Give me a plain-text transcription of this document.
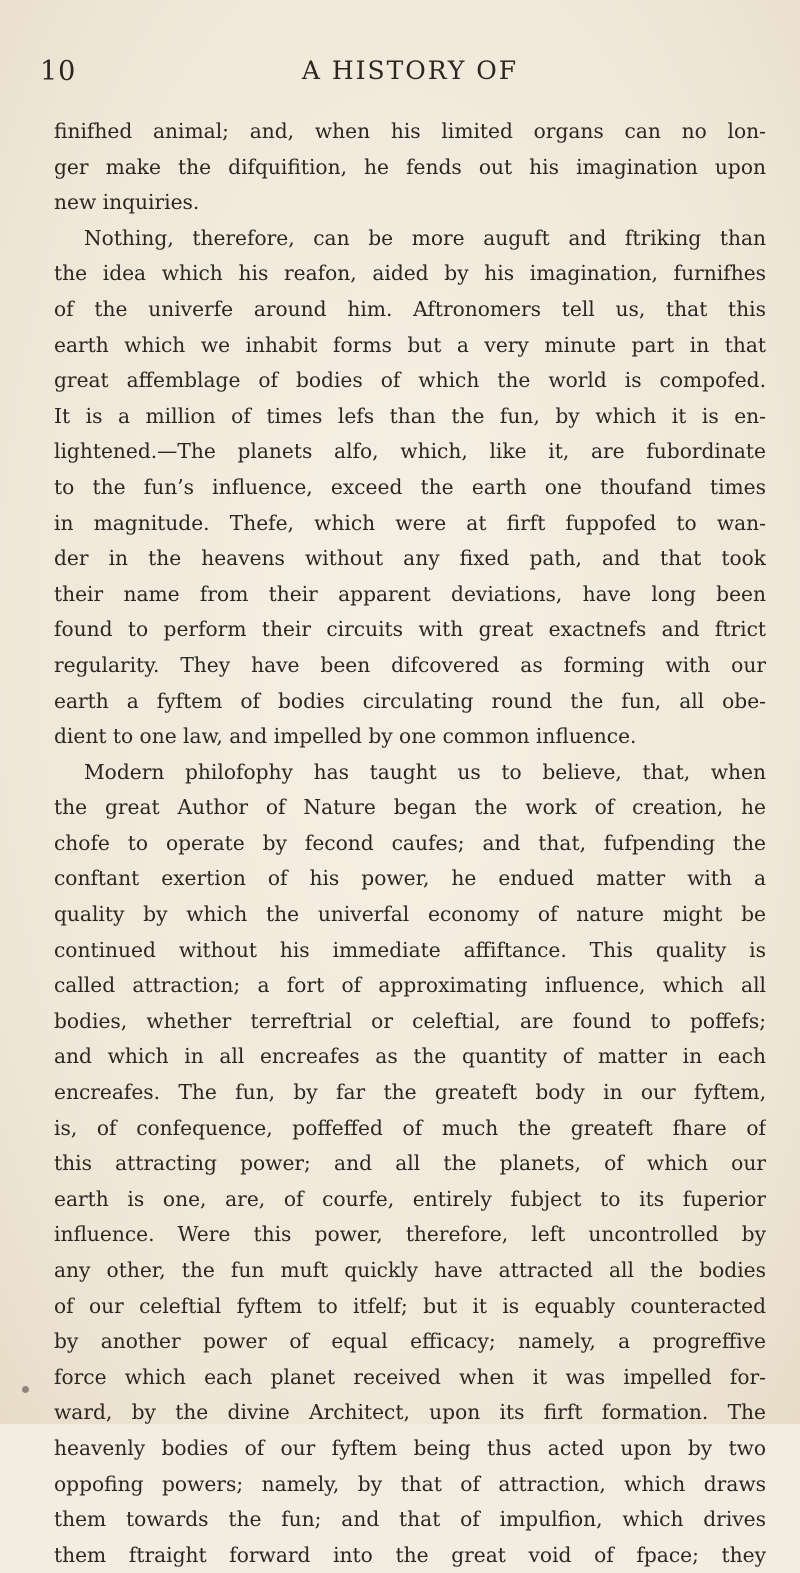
10	A HISTORY OF
finifhed animal; and, when his limited organs can no lon-
ger make the difquifition, he fends out his imagination upon
new inquiries.
Nothing, therefore, can be more auguft and ftriking than
the idea which his reafon, aided by his imagination, furnifhes
of the univerfe around him. Aftronomers tell us, that this
earth which we inhabit forms but a very minute part in that
great affemblage of bodies of which the world is compofed.
It is a million of times lefs than the fun, by which it is en-
lightened.—The planets alfo, which, like it, are fubordinate
to the fun’s influence, exceed the earth one thoufand times
in magnitude. Thefe, which were at firft fuppofed to wan-
der in the heavens without any fixed path, and that took
their name from their apparent deviations, have long been
found to perform their circuits with great exactnefs and ftrict
regularity. They have been difcovered as forming with our
earth a fyftem of bodies circulating round the fun, all obe-
dient to one law, and impelled by one common influence.
Modern philofophy has taught us to believe, that, when
the great Author of Nature began the work of creation, he
chofe to operate by fecond caufes; and that, fufpending the
conftant exertion of his power, he endued matter with a
quality by which the univerfal economy of nature might be
continued without his immediate affiftance. This quality is
called attraction; a fort of approximating influence, which all
bodies, whether terreftrial or celeftial, are found to poffefs;
and which in all encreafes as the quantity of matter in each
encreafes. The fun, by far the greateft body in our fyftem,
is, of confequence, poffeffed of much the greateft fhare of
this attracting power; and all the planets, of which our
earth is one, are, of courfe, entirely fubject to its fuperior
influence. Were this power, therefore, left uncontrolled by
any other, the fun muft quickly have attracted all the bodies
of our celeftial fyftem to itfelf; but it is equably counteracted
by another power of equal efficacy; namely, a progreffive
force which each planet received when it was impelled for-
ward, by the divine Architect, upon its firft formation. The
heavenly bodies of our fyftem being thus acted upon by two
oppofing powers; namely, by that of attraction, which draws
them towards the fun; and that of impulfion, which drives
them ftraight forward into the great void of fpace; they
